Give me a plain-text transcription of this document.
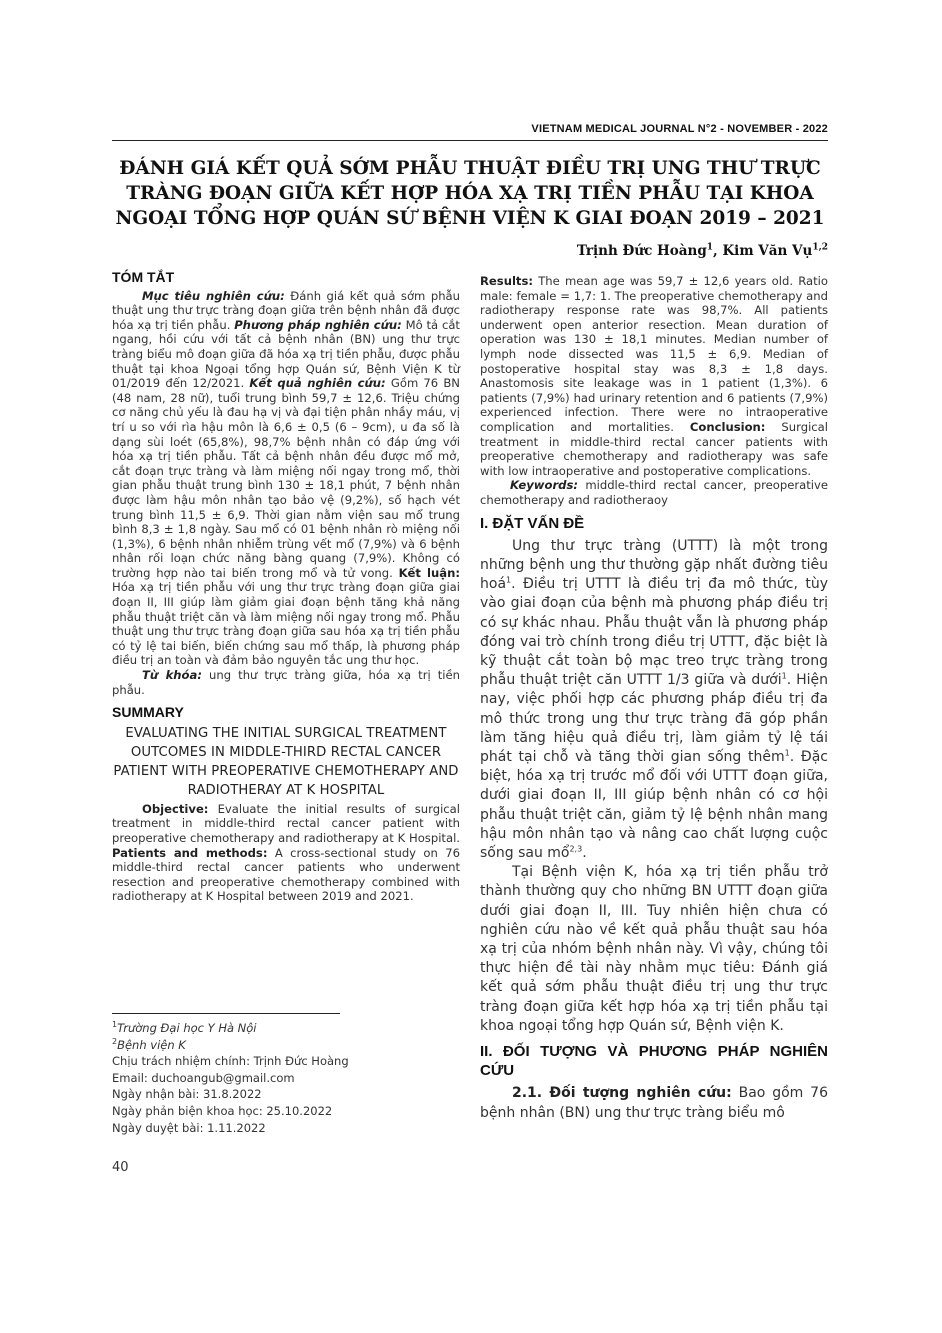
VIETNAM MEDICAL JOURNAL N°2 - NOVEMBER - 2022
ĐÁNH GIÁ KẾT QUẢ SỚM PHẪU THUẬT ĐIỀU TRỊ UNG THƯ TRỰC TRÀNG ĐOẠN GIỮA KẾT HỢP HÓA XẠ TRỊ TIỀN PHẪU TẠI KHOA NGOẠI TỔNG HỢP QUÁN SỨ BỆNH VIỆN K GIAI ĐOẠN 2019 – 2021
Trịnh Đức Hoàng$^1$, Kim Văn Vụ$^{1,2}$
TÓM TẮT

Mục tiêu nghiên cứu: Đánh giá kết quả sớm phẫu thuật ung thư trực tràng đoạn giữa trên bệnh nhân đã được hóa xạ trị tiền phẫu. Phương pháp nghiên cứu: Mô tả cắt ngang, hồi cứu với tất cả bệnh nhân (BN) ung thư trực tràng biểu mô đoạn giữa đã hóa xạ trị tiền phẫu, được phẫu thuật tại khoa Ngoại tổng hợp Quán sứ, Bệnh Viện K từ 01/2019 đến 12/2021. Kết quả nghiên cứu: Gồm 76 BN (48 nam, 28 nữ), tuổi trung bình 59,7 ± 12,6. Triệu chứng cơ năng chủ yếu là đau hạ vị và đại tiện phân nhầy máu, vị trí u so với rìa hậu môn là 6,6 ± 0,5 (6 – 9cm), u đa số là dạng sùi loét (65,8%), 98,7% bệnh nhân có đáp ứng với hóa xạ trị tiền phẫu. Tất cả bệnh nhân đều được mổ mở, cắt đoạn trực tràng và làm miệng nối ngay trong mổ, thời gian phẫu thuật trung bình 130 ± 18,1 phút, 7 bệnh nhân được làm hậu môn nhân tạo bảo vệ (9,2%), số hạch vét trung bình 11,5 ± 6,9. Thời gian nằm viện sau mổ trung bình 8,3 ± 1,8 ngày. Sau mổ có 01 bệnh nhân rò miệng nối (1,3%), 6 bệnh nhân nhiễm trùng vết mổ (7,9%) và 6 bệnh nhân rối loạn chức năng bàng quang (7,9%). Không có trường hợp nào tai biến trong mổ và tử vong. Kết luận: Hóa xạ trị tiền phẫu với ung thư trực tràng đoạn giữa giai đoạn II, III giúp làm giảm giai đoạn bệnh tăng khả năng phẫu thuật triệt căn và làm miệng nối ngay trong mổ. Phẫu thuật ung thư trực tràng đoạn giữa sau hóa xạ trị tiền phẫu có tỷ lệ tai biến, biến chứng sau mổ thấp, là phương pháp điều trị an toàn và đảm bảo nguyên tắc ung thư học.

Từ khóa: ung thư trực tràng giữa, hóa xạ trị tiền phẫu.

SUMMARY
EVALUATING THE INITIAL SURGICAL TREATMENT OUTCOMES IN MIDDLE-THIRD RECTAL CANCER PATIENT WITH PREOPERATIVE CHEMOTHERAPY AND RADIOTHERAY AT K HOSPITAL

Objective: Evaluate the initial results of surgical treatment in middle-third rectal cancer patient with preoperative chemotherapy and radiotherapy at K Hospital. Patients and methods: A cross-sectional study on 76 middle-third rectal cancer patients who underwent resection and preoperative chemotherapy combined with radiotherapy at K Hospital between 2019 and 2021.

Results: The mean age was 59,7 ± 12,6 years old. Ratio male: female = 1,7: 1. The preoperative chemotherapy and radiotherapy response rate was 98,7%. All patients underwent open anterior resection. Mean duration of operation was 130 ± 18,1 minutes. Median number of lymph node dissected was 11,5 ± 6,9. Median of postoperative hospital stay was 8,3 ± 1,8 days. Anastomosis site leakage was in 1 patient (1,3%). 6 patients (7,9%) had urinary retention and 6 patients (7,9%) experienced infection. There were no intraoperative complication and mortalities. Conclusion: Surgical treatment in middle-third rectal cancer patients with preoperative chemotherapy and radiotherapy was safe with low intraoperative and postoperative complications.

Keywords: middle-third rectal cancer, preoperative chemotherapy and radiotheraoy

I. ĐẶT VẤN ĐỀ

Ung thư trực tràng (UTTT) là một trong những bệnh ung thư thường gặp nhất đường tiêu hoá$^1$. Điều trị UTTT là điều trị đa mô thức, tùy vào giai đoạn của bệnh mà phương pháp điều trị có sự khác nhau. Phẫu thuật vẫn là phương pháp đóng vai trò chính trong điều trị UTTT, đặc biệt là kỹ thuật cắt toàn bộ mạc treo trực tràng trong phẫu thuật triệt căn UTTT 1/3 giữa và dưới$^1$. Hiện nay, việc phối hợp các phương pháp điều trị đa mô thức trong ung thư trực tràng đã góp phần làm tăng hiệu quả điều trị, làm giảm tỷ lệ tái phát tại chỗ và tăng thời gian sống thêm$^1$. Đặc biệt, hóa xạ trị trước mổ đối với UTTT đoạn giữa, dưới giai đoạn II, III giúp bệnh nhân có cơ hội phẫu thuật triệt căn, giảm tỷ lệ bệnh nhân mang hậu môn nhân tạo và nâng cao chất lượng cuộc sống sau mổ$^{2,3}$.

Tại Bệnh viện K, hóa xạ trị tiền phẫu trở thành thường quy cho những BN UTTT đoạn giữa dưới giai đoạn II, III. Tuy nhiên hiện chưa có nghiên cứu nào về kết quả phẫu thuật sau hóa xạ trị của nhóm bệnh nhân này. Vì vậy, chúng tôi thực hiện đề tài này nhằm mục tiêu: Đánh giá kết quả sớm phẫu thuật điều trị ung thư trực tràng đoạn giữa kết hợp hóa xạ trị tiền phẫu tại khoa ngoại tổng hợp Quán sứ, Bệnh viện K.

II. ĐỐI TƯỢNG VÀ PHƯƠNG PHÁP NGHIÊN CỨU

2.1. Đối tượng nghiên cứu: Bao gồm 76 bệnh nhân (BN) ung thư trực tràng biểu mô

$^1$Trường Đại học Y Hà Nội

$^2$Bệnh viện K

Chịu trách nhiệm chính: Trịnh Đức Hoàng

Email: duchoangub@gmail.com

Ngày nhận bài: 31.8.2022

Ngày phản biện khoa học: 25.10.2022

Ngày duyệt bài: 1.11.2022

40
